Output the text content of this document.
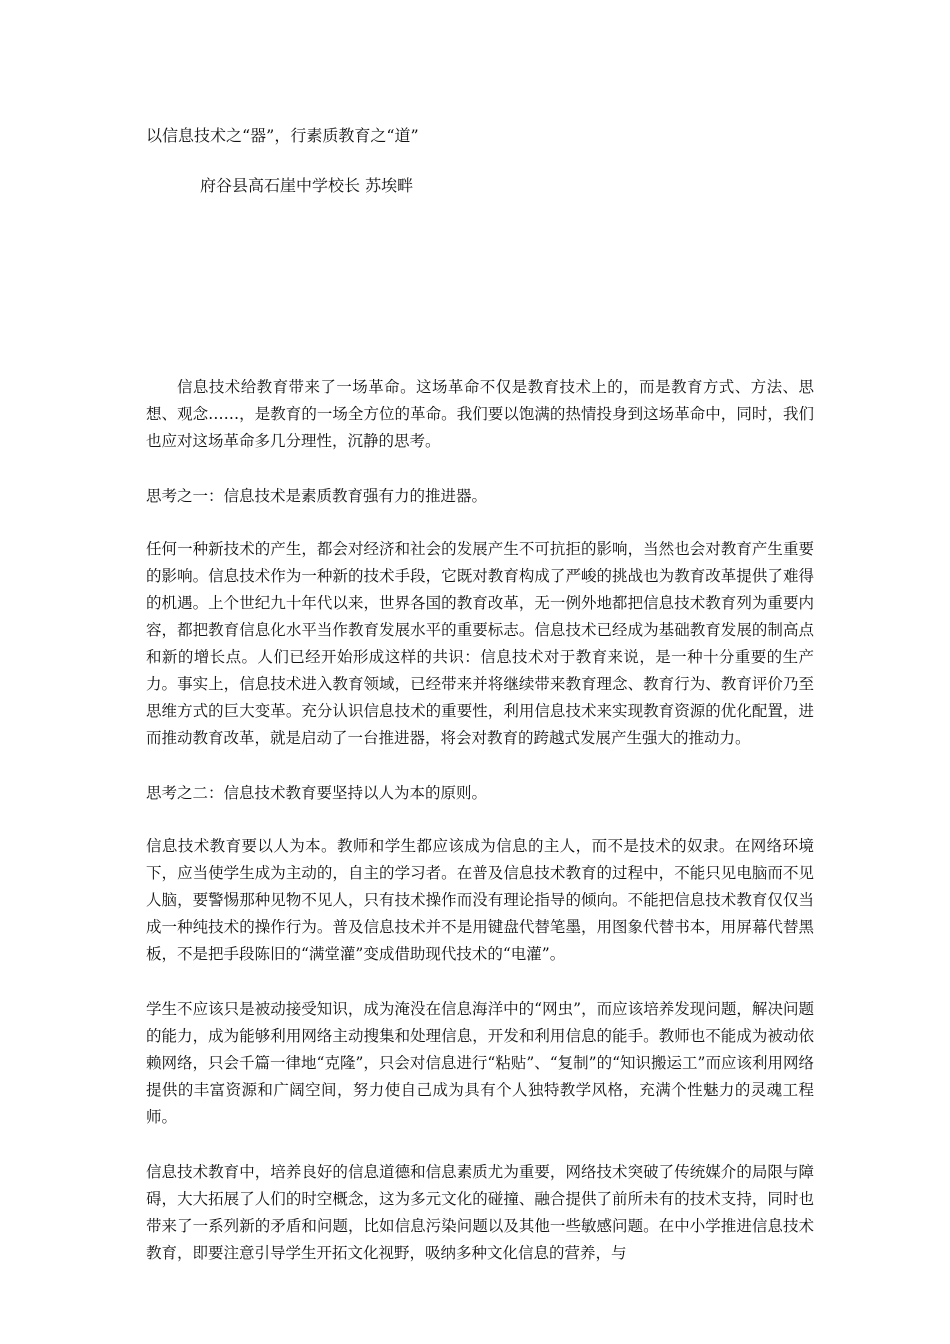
以信息技术之“器”，行素质教育之“道”
府谷县高石崖中学校长 苏埃畔

信息技术给教育带来了一场革命。这场革命不仅是教育技术上的，而是教育方式、方法、思想、观念……，是教育的一场全方位的革命。我们要以饱满的热情投身到这场革命中，同时，我们也应对这场革命多几分理性，沉静的思考。

思考之一：信息技术是素质教育强有力的推进器。

任何一种新技术的产生，都会对经济和社会的发展产生不可抗拒的影响，当然也会对教育产生重要的影响。信息技术作为一种新的技术手段，它既对教育构成了严峻的挑战也为教育改革提供了难得的机遇。上个世纪九十年代以来，世界各国的教育改革，无一例外地都把信息技术教育列为重要内容，都把教育信息化水平当作教育发展水平的重要标志。信息技术已经成为基础教育发展的制高点和新的增长点。人们已经开始形成这样的共识：信息技术对于教育来说，是一种十分重要的生产力。事实上，信息技术进入教育领域，已经带来并将继续带来教育理念、教育行为、教育评价乃至思维方式的巨大变革。充分认识信息技术的重要性，利用信息技术来实现教育资源的优化配置，进而推动教育改革，就是启动了一台推进器，将会对教育的跨越式发展产生强大的推动力。

思考之二：信息技术教育要坚持以人为本的原则。

信息技术教育要以人为本。教师和学生都应该成为信息的主人，而不是技术的奴隶。在网络环境下，应当使学生成为主动的，自主的学习者。在普及信息技术教育的过程中，不能只见电脑而不见人脑，要警惕那种见物不见人，只有技术操作而没有理论指导的倾向。不能把信息技术教育仅仅当成一种纯技术的操作行为。普及信息技术并不是用键盘代替笔墨，用图象代替书本，用屏幕代替黑板，不是把手段陈旧的“满堂灌”变成借助现代技术的“电灌”。

学生不应该只是被动接受知识，成为淹没在信息海洋中的“网虫”，而应该培养发现问题，解决问题的能力，成为能够利用网络主动搜集和处理信息，开发和利用信息的能手。教师也不能成为被动依赖网络，只会千篇一律地“克隆”，只会对信息进行“粘贴”、“复制”的“知识搬运工”而应该利用网络提供的丰富资源和广阔空间，努力使自己成为具有个人独特教学风格，充满个性魅力的灵魂工程师。

信息技术教育中，培养良好的信息道德和信息素质尤为重要，网络技术突破了传统媒介的局限与障碍，大大拓展了人们的时空概念，这为多元文化的碰撞、融合提供了前所未有的技术支持，同时也带来了一系列新的矛盾和问题，比如信息污染问题以及其他一些敏感问题。在中小学推进信息技术教育，即要注意引导学生开拓文化视野，吸纳多种文化信息的营养，与
